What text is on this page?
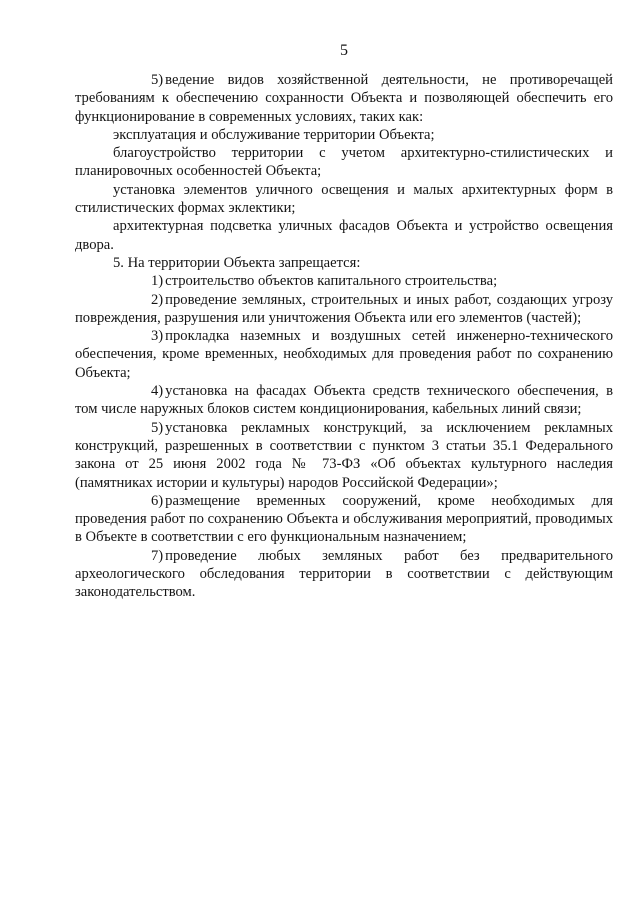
5

5) ведение видов хозяйственной деятельности, не противоречащей требованиям к обеспечению сохранности Объекта и позволяющей обеспечить его функционирование в современных условиях, таких как:

эксплуатация и обслуживание территории Объекта;

благоустройство территории с учетом архитектурно-стилистических и планировочных особенностей Объекта;

установка элементов уличного освещения и малых архитектурных форм в стилистических формах эклектики;

архитектурная подсветка уличных фасадов Объекта и устройство освещения двора.

5. На территории Объекта запрещается:

1) строительство объектов капитального строительства;

2) проведение земляных, строительных и иных работ, создающих угрозу повреждения, разрушения или уничтожения Объекта или его элементов (частей);

3) прокладка наземных и воздушных сетей инженерно-технического обеспечения, кроме временных, необходимых для проведения работ по сохранению Объекта;

4) установка на фасадах Объекта средств технического обеспечения, в том числе наружных блоков систем кондиционирования, кабельных линий связи;

5) установка рекламных конструкций, за исключением рекламных конструкций, разрешенных в соответствии с пунктом 3 статьи 35.1 Федерального закона от 25 июня 2002 года № 73-ФЗ «Об объектах культурного наследия (памятниках истории и культуры) народов Российской Федерации»;

6) размещение временных сооружений, кроме необходимых для проведения работ по сохранению Объекта и обслуживания мероприятий, проводимых в Объекте в соответствии с его функциональным назначением;

7) проведение любых земляных работ без предварительного археологического обследования территории в соответствии с действующим законодательством.
